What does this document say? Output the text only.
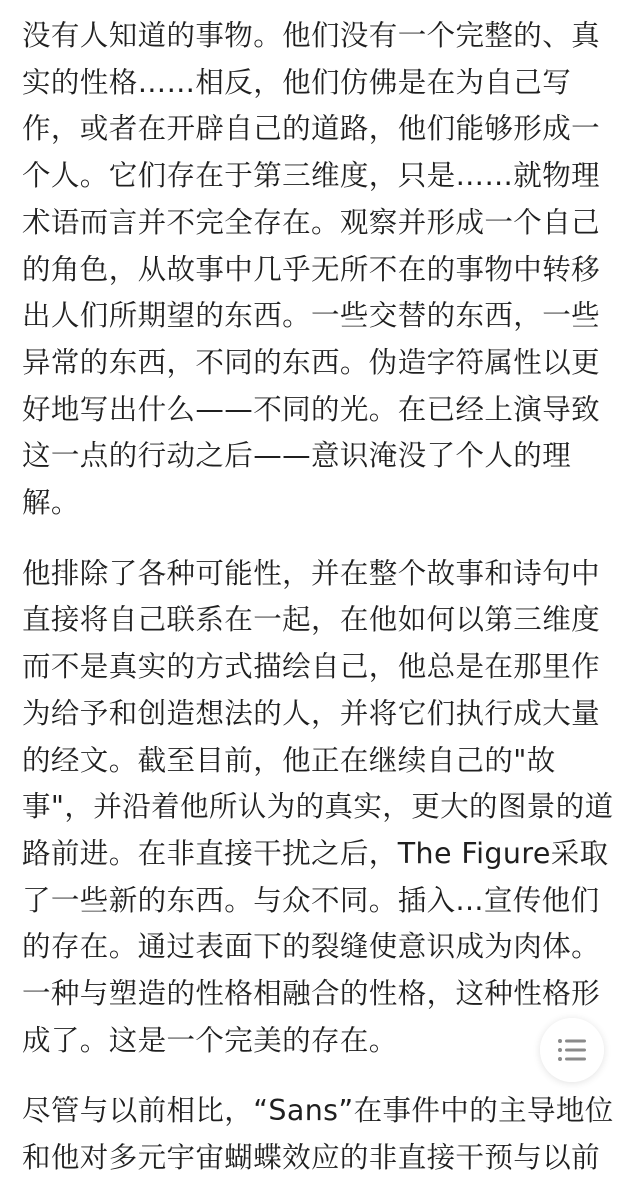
没有人知道的事物。他们没有一个完整的、真
实的性格……相反，他们仿佛是在为自己写
作，或者在开辟自己的道路，他们能够形成一
个人。它们存在于第三维度，只是……就物理
术语而言并不完全存在。观察并形成一个自己
的角色，从故事中几乎无所不在的事物中转移
出人们所期望的东西。一些交替的东西，一些
异常的东西，不同的东西。伪造字符属性以更
好地写出什么——不同的光。在已经上演导致
这一点的行动之后——意识淹没了个人的理
解。

他排除了各种可能性，并在整个故事和诗句中
直接将自己联系在一起，在他如何以第三维度
而不是真实的方式描绘自己，他总是在那里作
为给予和创造想法的人，并将它们执行成大量
的经文。截至目前，他正在继续自己的"故
事"，并沿着他所认为的真实，更大的图景的道
路前进。在非直接干扰之后，The Figure采取
了一些新的东西。与众不同。插入...宣传他们
的存在。通过表面下的裂缝使意识成为肉体。
一种与塑造的性格相融合的性格，这种性格形
成了。这是一个完美的存在。

尽管与以前相比，“Sans”在事件中的主导地位
和他对多元宇宙蝴蝶效应的非直接干预与以前
